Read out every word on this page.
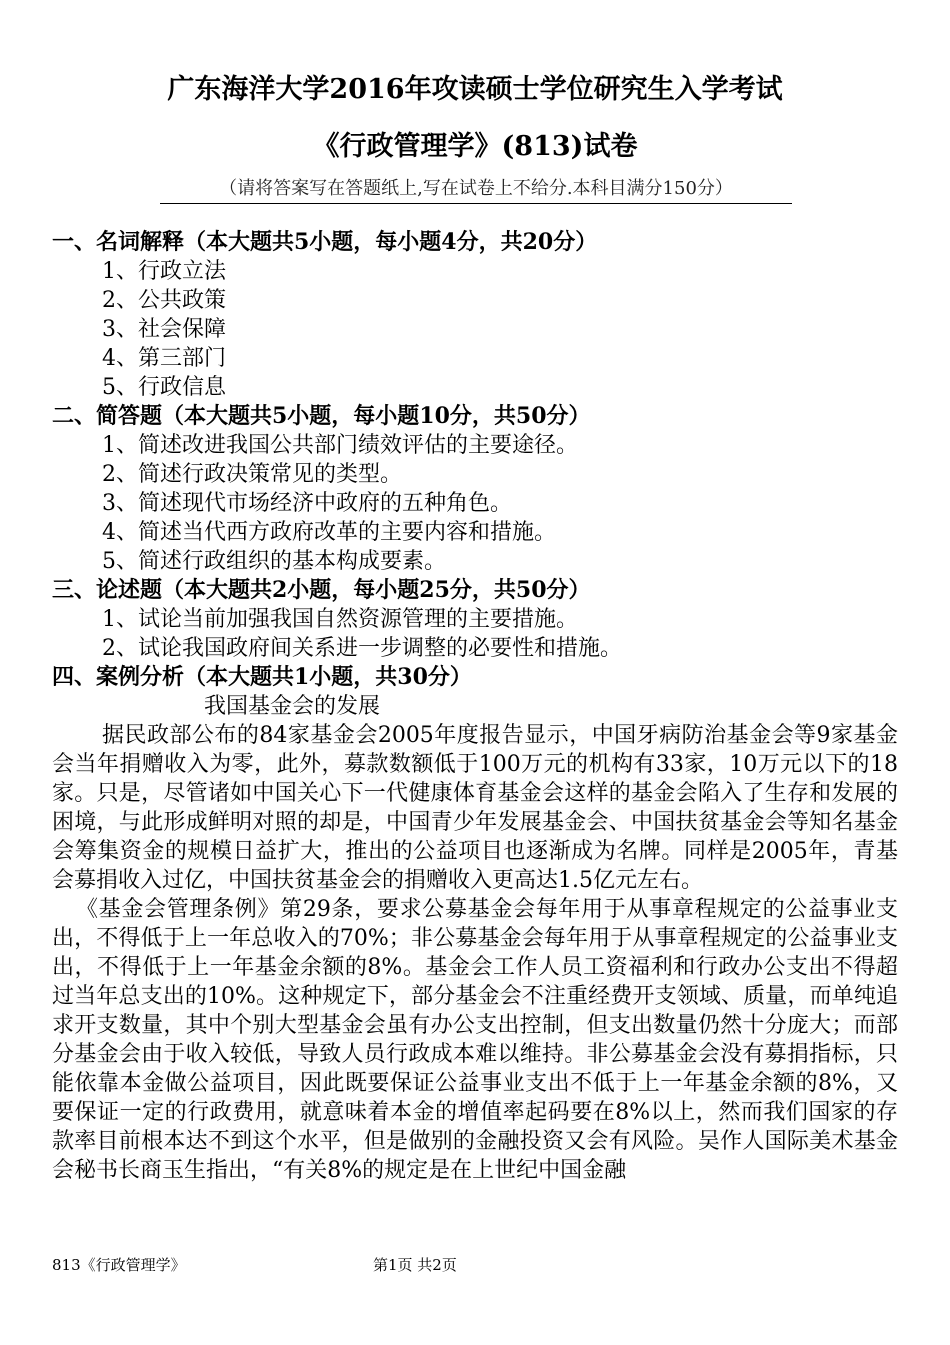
广东海洋大学2016年攻读硕士学位研究生入学考试
《行政管理学》(813)试卷
（请将答案写在答题纸上,写在试卷上不给分.本科目满分150分）
一、名词解释（本大题共5小题，每小题4分，共20分）
1、行政立法
2、公共政策
3、社会保障
4、第三部门
5、行政信息
二、简答题（本大题共5小题，每小题10分，共50分）
1、简述改进我国公共部门绩效评估的主要途径。
2、简述行政决策常见的类型。
3、简述现代市场经济中政府的五种角色。
4、简述当代西方政府改革的主要内容和措施。
5、简述行政组织的基本构成要素。
三、论述题（本大题共2小题，每小题25分，共50分）
1、试论当前加强我国自然资源管理的主要措施。
2、试论我国政府间关系进一步调整的必要性和措施。
四、案例分析（本大题共1小题，共30分）
我国基金会的发展

据民政部公布的84家基金会2005年度报告显示，中国牙病防治基金会等9家基金会当年捐赠收入为零，此外，募款数额低于100万元的机构有33家，10万元以下的18家。只是，尽管诸如中国关心下一代健康体育基金会这样的基金会陷入了生存和发展的困境，与此形成鲜明对照的却是，中国青少年发展基金会、中国扶贫基金会等知名基金会筹集资金的规模日益扩大，推出的公益项目也逐渐成为名牌。同样是2005年，青基会募捐收入过亿，中国扶贫基金会的捐赠收入更高达1.5亿元左右。

《基金会管理条例》第29条，要求公募基金会每年用于从事章程规定的公益事业支出，不得低于上一年总收入的70%；非公募基金会每年用于从事章程规定的公益事业支出，不得低于上一年基金余额的8%。基金会工作人员工资福利和行政办公支出不得超过当年总支出的10%。这种规定下，部分基金会不注重经费开支领域、质量，而单纯追求开支数量，其中个别大型基金会虽有办公支出控制，但支出数量仍然十分庞大；而部分基金会由于收入较低，导致人员行政成本难以维持。非公募基金会没有募捐指标，只能依靠本金做公益项目，因此既要保证公益事业支出不低于上一年基金余额的8%，又要保证一定的行政费用，就意味着本金的增值率起码要在8%以上，然而我们国家的存款率目前根本达不到这个水平，但是做别的金融投资又会有风险。吴作人国际美术基金会秘书长商玉生指出，“有关8%的规定是在上世纪中国金融

813《行政管理学》	第1页 共2页
